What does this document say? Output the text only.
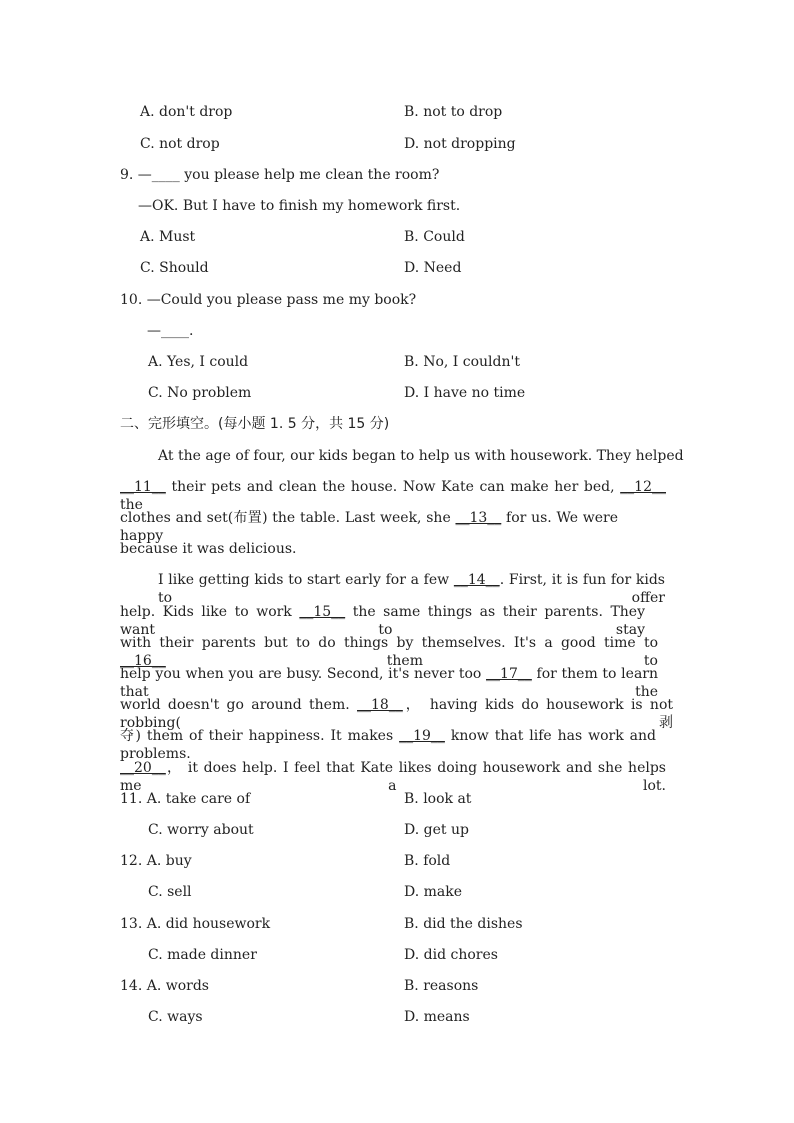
A. don't drop	B. not to drop
C. not drop	D. not dropping
9. —____ you please help me clean the room?
—OK. But I have to finish my homework first.
A. Must	B. Could
C. Should	D. Need
10. —Could you please pass me my book?
—____.
A. Yes, I could	B. No, I couldn't
C. No problem	D. I have no time
二、完形填空。(每小题 1. 5 分，共 15 分)
At the age of four, our kids began to help us with housework. They helped
__11__ their pets and clean the house. Now Kate can make her bed, __12__ the
clothes and set(布置) the table. Last week, she __13__ for us. We were happy
because it was delicious.
I like getting kids to start early for a few __14__. First, it is fun for kids to offer
help. Kids like to work __15__ the same things as their parents. They want to stay
with their parents but to do things by themselves. It's a good time to __16__ them to
help you when you are busy. Second, it's never too __17__ for them to learn that the
world doesn't go around them. __18__， having kids do housework is not robbing(剥
夺) them of their happiness. It makes __19__ know that life has work and problems.
__20__， it does help. I feel that Kate likes doing housework and she helps me a lot.
11. A. take care of	B. look at
C. worry about	D. get up
12. A. buy	B. fold
C. sell	D. make
13. A. did housework	B. did the dishes
C. made dinner	D. did chores
14. A. words	B. reasons
C. ways	D. means
